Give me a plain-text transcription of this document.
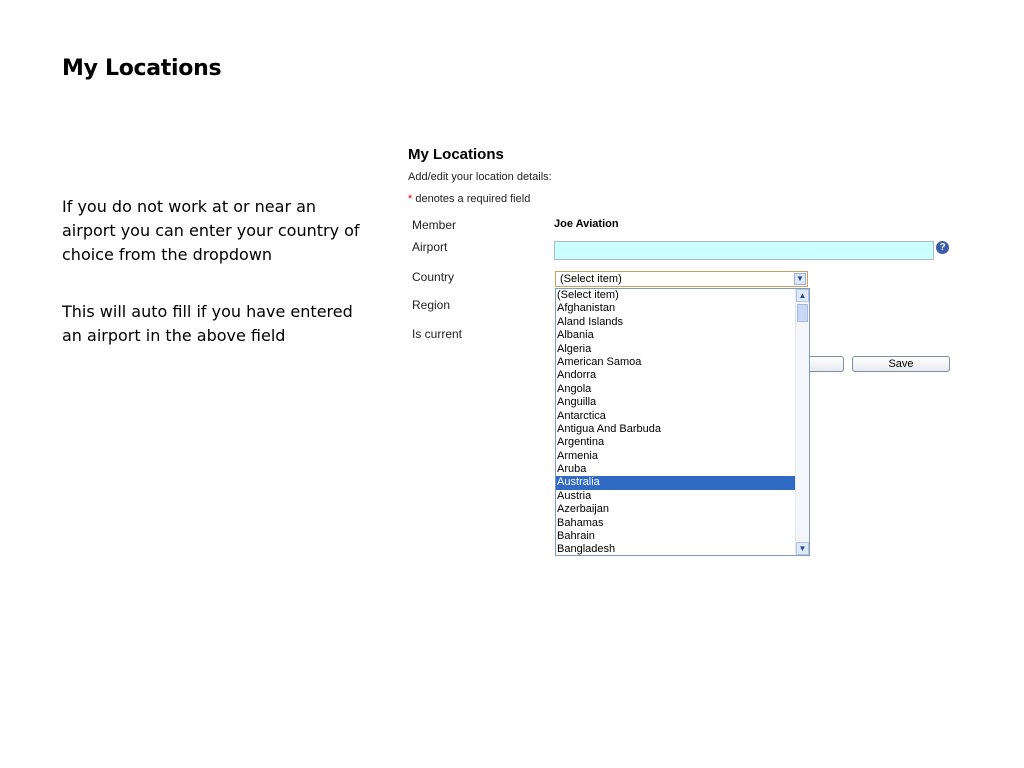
My Locations
If you do not work at or near an airport you can enter your country of choice from the dropdown
This will auto fill if you have entered an airport in the above field
My Locations
Add/edit your location details:
* denotes a required field
Member	Joe Aviation
Airport	?
Country	(Select item)	▼
Region
Is current
Save
(Select item)
Afghanistan
Aland Islands
Albania
Algeria
American Samoa
Andorra
Angola
Anguilla
Antarctica
Antigua And Barbuda
Argentina
Armenia
Aruba
Australia
Austria
Azerbaijan
Bahamas
Bahrain
Bangladesh
▲
▼
